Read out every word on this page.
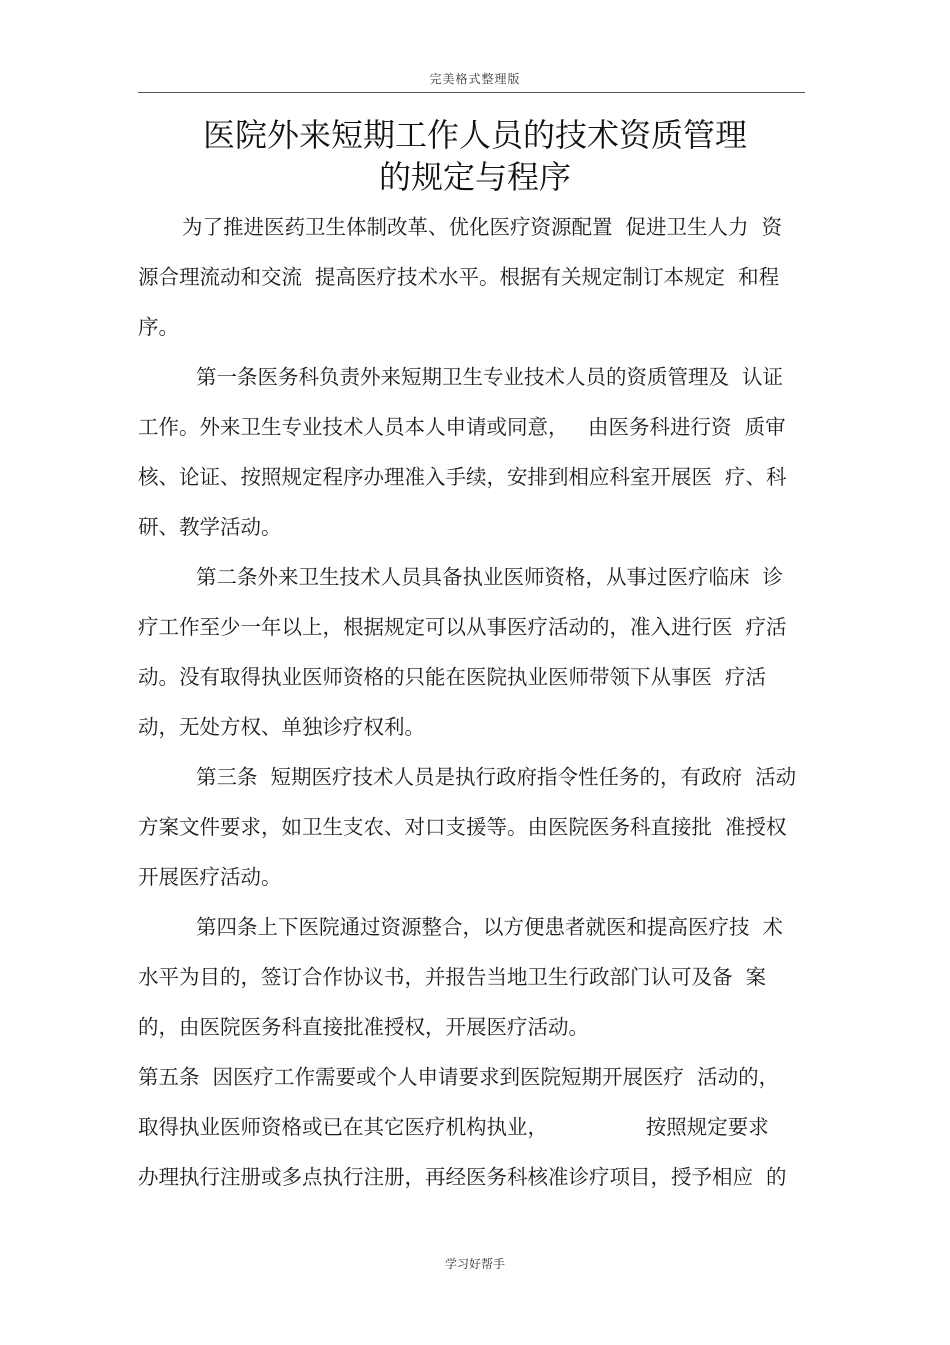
完美格式整理版
医院外来短期工作人员的技术资质管理
的规定与程序
为了推进医药卫生体制改革、优化医疗资源配置  促进卫生人力  资
源合理流动和交流  提高医疗技术水平。根据有关规定制订本规定  和程
序。
第一条医务科负责外来短期卫生专业技术人员的资质管理及  认证
工作。外来卫生专业技术人员本人申请或同意，   由医务科进行资  质审
核、论证、按照规定程序办理准入手续，安排到相应科室开展医  疗、科
研、教学活动。
第二条外来卫生技术人员具备执业医师资格，从事过医疗临床  诊
疗工作至少一年以上，根据规定可以从事医疗活动的，准入进行医  疗活
动。没有取得执业医师资格的只能在医院执业医师带领下从事医  疗活
动，无处方权、单独诊疗权利。
第三条  短期医疗技术人员是执行政府指令性任务的，有政府  活动
方案文件要求，如卫生支农、对口支援等。由医院医务科直接批  准授权
开展医疗活动。
第四条上下医院通过资源整合，以方便患者就医和提高医疗技  术
水平为目的，签订合作协议书，并报告当地卫生行政部门认可及备  案
的，由医院医务科直接批准授权，开展医疗活动。
第五条  因医疗工作需要或个人申请要求到医院短期开展医疗  活动的，
取得执业医师资格或已在其它医疗机构执业，               按照规定要求
办理执行注册或多点执行注册，再经医务科核准诊疗项目，授予相应  的
学习好帮手
